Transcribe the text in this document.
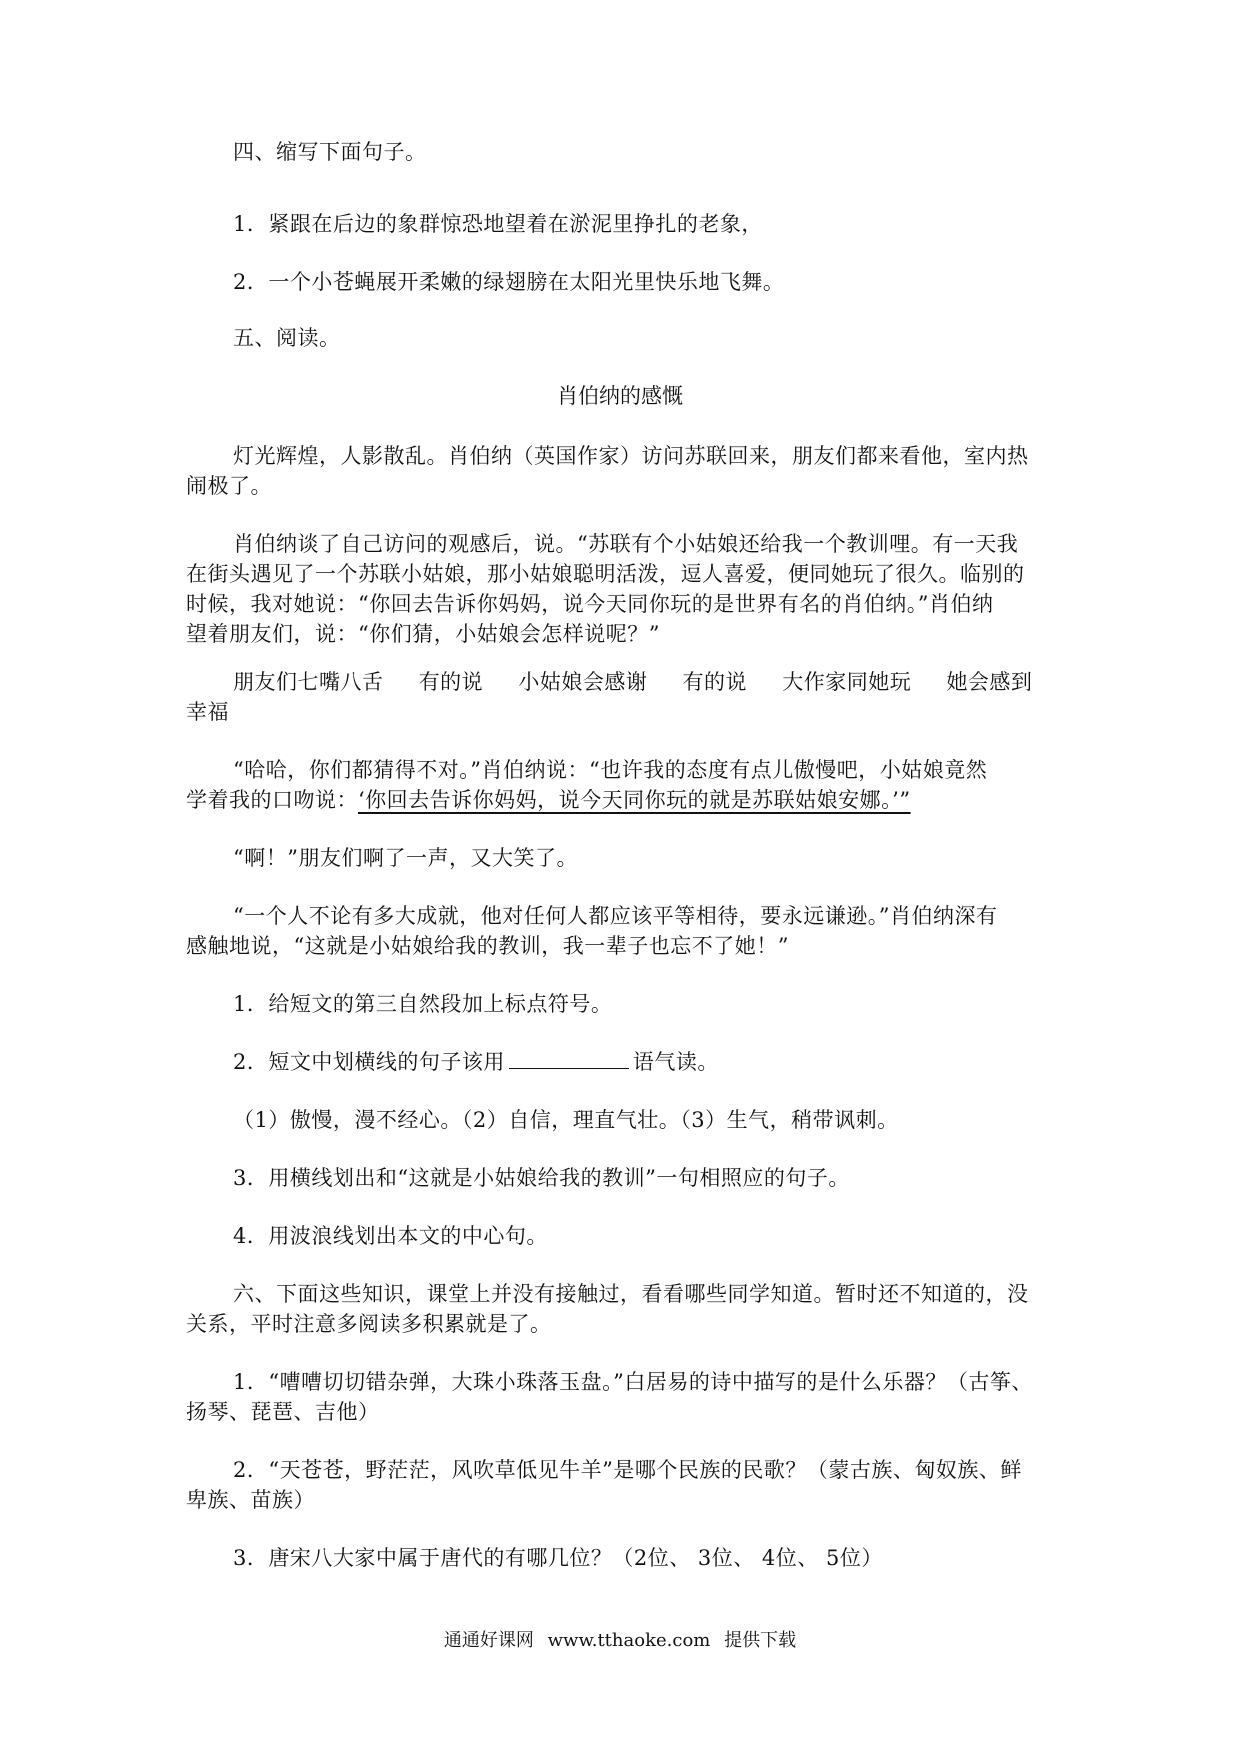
四、缩写下面句子。
1．紧跟在后边的象群惊恐地望着在淤泥里挣扎的老象，
2．一个小苍蝇展开柔嫩的绿翅膀在太阳光里快乐地飞舞。
五、阅读。
肖伯纳的感慨
灯光辉煌，人影散乱。肖伯纳（英国作家）访问苏联回来，朋友们都来看他，室内热
闹极了。
肖伯纳谈了自己访问的观感后，说。“苏联有个小姑娘还给我一个教训哩。有一天我
在街头遇见了一个苏联小姑娘，那小姑娘聪明活泼，逗人喜爱，便同她玩了很久。临别的
时候，我对她说：“你回去告诉你妈妈，说今天同你玩的是世界有名的肖伯纳。”肖伯纳
望着朋友们，说：“你们猜，小姑娘会怎样说呢？”
朋友们七嘴八舌 有的说 小姑娘会感谢 有的说 大作家同她玩 她会感到
幸福
“哈哈，你们都猜得不对。”肖伯纳说：“也许我的态度有点儿傲慢吧，小姑娘竟然
学着我的口吻说：‘你回去告诉你妈妈，说今天同你玩的就是苏联姑娘安娜。’”
“啊！”朋友们啊了一声，又大笑了。
“一个人不论有多大成就，他对任何人都应该平等相待，要永远谦逊。”肖伯纳深有
感触地说，“这就是小姑娘给我的教训，我一辈子也忘不了她！”
1．给短文的第三自然段加上标点符号。
2．短文中划横线的句子该用	语气读。
（1）傲慢，漫不经心。（2）自信，理直气壮。（3）生气，稍带讽刺。
3．用横线划出和“这就是小姑娘给我的教训”一句相照应的句子。
4．用波浪线划出本文的中心句。
六、下面这些知识，课堂上并没有接触过，看看哪些同学知道。暂时还不知道的，没
关系，平时注意多阅读多积累就是了。
1．“嘈嘈切切错杂弹，大珠小珠落玉盘。”白居易的诗中描写的是什么乐器？（古筝、
扬琴、琵琶、吉他）
2．“天苍苍，野茫茫，风吹草低见牛羊”是哪个民族的民歌？（蒙古族、匈奴族、鲜
卑族、苗族）
3．唐宋八大家中属于唐代的有哪几位？（2位、 3位、 4位、 5位）
通通好课网 www.tthaoke.com 提供下载
